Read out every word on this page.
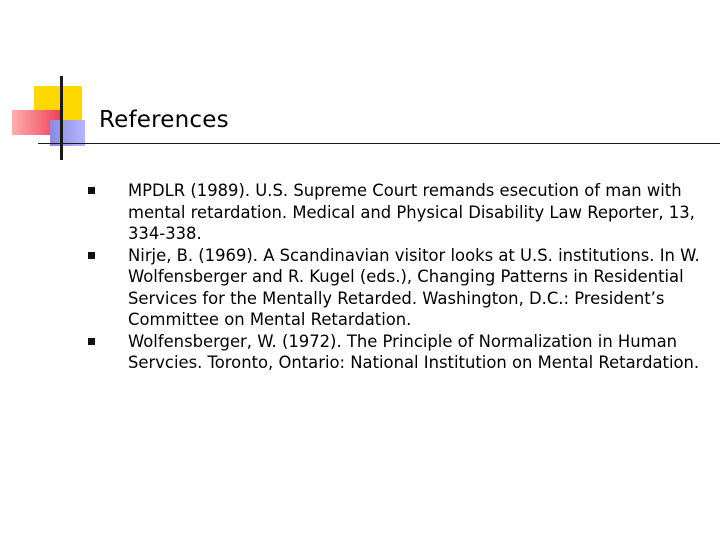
References
MPDLR (1989). U.S. Supreme Court remands esecution of man with mental retardation. Medical and Physical Disability Law Reporter, 13, 334-338.
Nirje, B. (1969). A Scandinavian visitor looks at U.S. institutions. In W. Wolfensberger and R. Kugel (eds.), Changing Patterns in Residential Services for the Mentally Retarded. Washington, D.C.: President’s Committee on Mental Retardation.
Wolfensberger, W. (1972). The Principle of Normalization in Human Servcies. Toronto, Ontario: National Institution on Mental Retardation.
